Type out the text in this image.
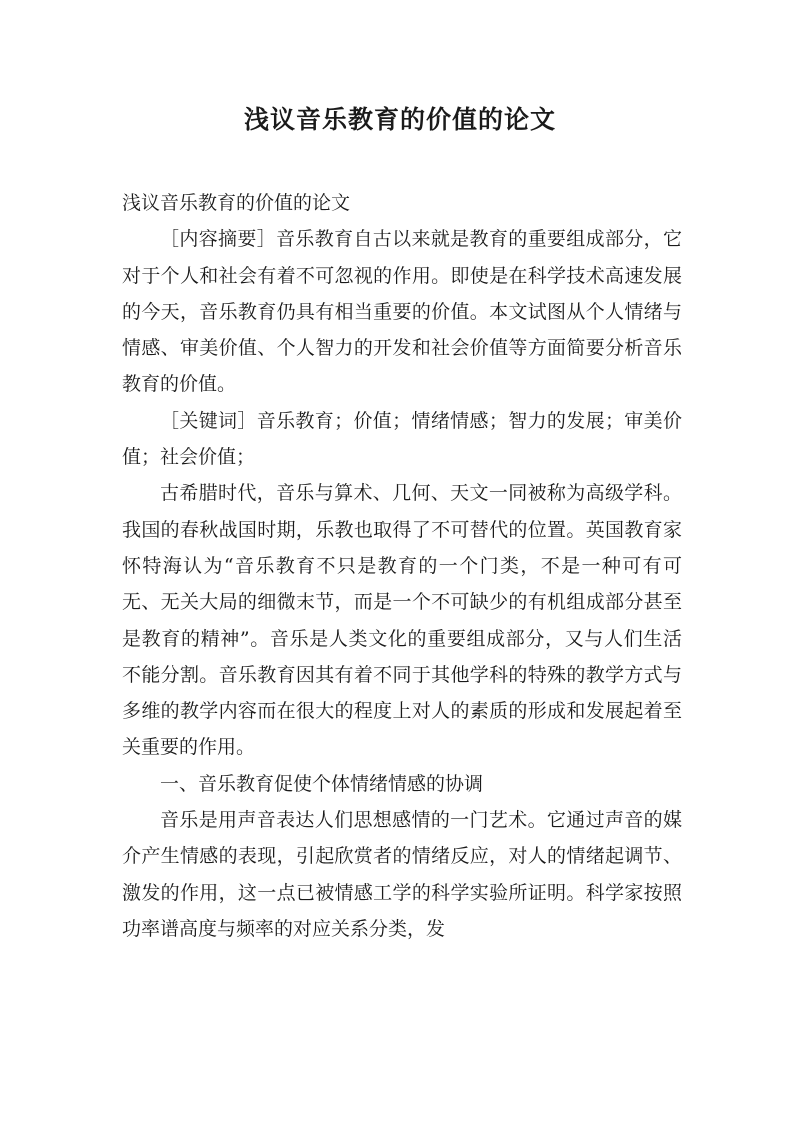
浅议音乐教育的价值的论文

浅议音乐教育的价值的论文

［内容摘要］音乐教育自古以来就是教育的重要组成部分，它对于个人和社会有着不可忽视的作用。即使是在科学技术高速发展的今天，音乐教育仍具有相当重要的价值。本文试图从个人情绪与情感、审美价值、个人智力的开发和社会价值等方面简要分析音乐教育的价值。

［关键词］音乐教育；价值；情绪情感；智力的发展；审美价值；社会价值；

古希腊时代，音乐与算术、几何、天文一同被称为高级学科。我国的春秋战国时期，乐教也取得了不可替代的位置。英国教育家怀特海认为“音乐教育不只是教育的一个门类，不是一种可有可无、无关大局的细微末节，而是一个不可缺少的有机组成部分甚至是教育的精神”。音乐是人类文化的重要组成部分，又与人们生活不能分割。音乐教育因其有着不同于其他学科的特殊的教学方式与多维的教学内容而在很大的程度上对人的素质的形成和发展起着至关重要的作用。

一、音乐教育促使个体情绪情感的协调

音乐是用声音表达人们思想感情的一门艺术。它通过声音的媒介产生情感的表现，引起欣赏者的情绪反应，对人的情绪起调节、激发的作用，这一点已被情感工学的科学实验所证明。科学家按照功率谱高度与频率的对应关系分类，发
